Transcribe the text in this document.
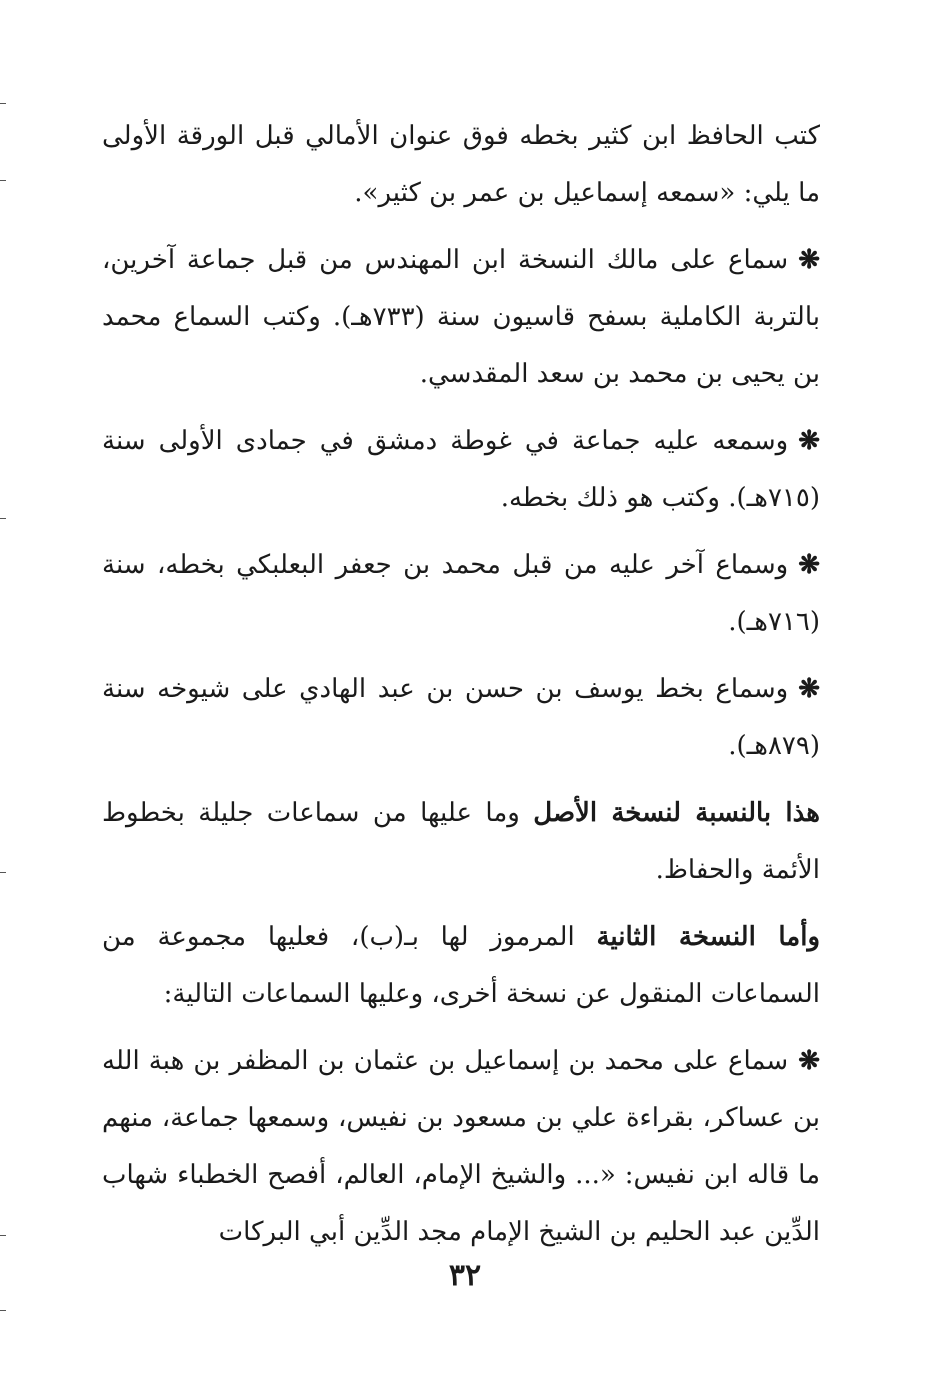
كتب الحافظ ابن كثير بخطه فوق عنوان الأمالي قبل الورقة الأولى ما يلي: «سمعه إسماعيل بن عمر بن كثير».

❋سماع على مالك النسخة ابن المهندس من قبل جماعة آخرين، بالتربة الكاملية بسفح قاسيون سنة (٧٣٣هـ). وكتب السماع محمد بن يحيى بن محمد بن سعد المقدسي.

❋وسمعه عليه جماعة في غوطة دمشق في جمادى الأولى سنة (٧١٥هـ). وكتب هو ذلك بخطه.

❋وسماع آخر عليه من قبل محمد بن جعفر البعلبكي بخطه، سنة (٧١٦هـ).

❋وسماع بخط يوسف بن حسن بن عبد الهادي على شيوخه سنة (٨٧٩هـ).

هذا بالنسبة لنسخة الأصل وما عليها من سماعات جليلة بخطوط الأئمة والحفاظ.

وأما النسخة الثانية المرموز لها بـ(ب)، فعليها مجموعة من السماعات المنقول عن نسخة أخرى، وعليها السماعات التالية:

❋سماع على محمد بن إسماعيل بن عثمان بن المظفر بن هبة الله بن عساكر، بقراءة علي بن مسعود بن نفيس، وسمعها جماعة، منهم ما قاله ابن نفيس: «... والشيخ الإمام، العالم، أفصح الخطباء شهاب الدِّين عبد الحليم بن الشيخ الإمام مجد الدِّين أبي البركات

٣٢
